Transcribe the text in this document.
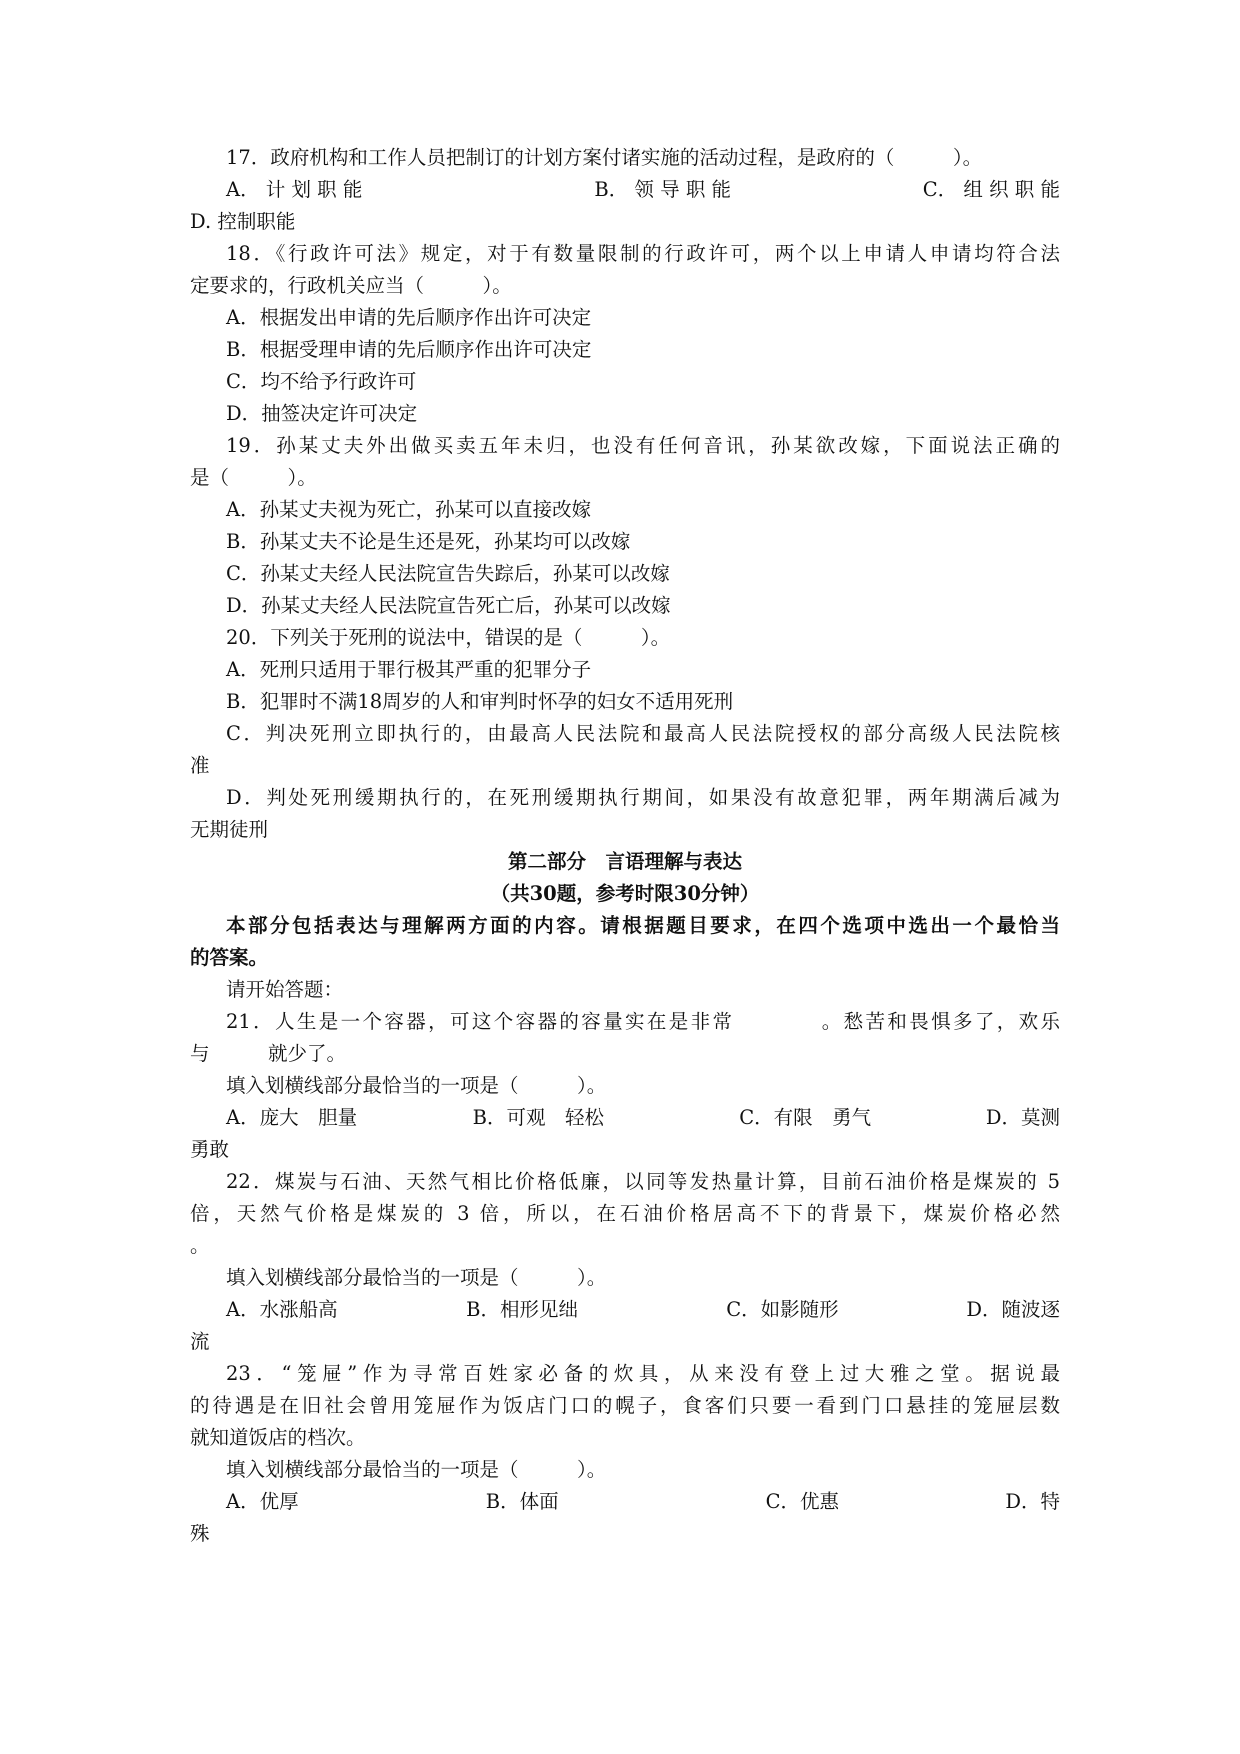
17．政府机构和工作人员把制订的计划方案付诸实施的活动过程，是政府的（　　　）。
A． 计 划 职 能	B． 领 导 职 能	C． 组 织 职 能
D. 控制职能
18．《行政许可法》规定，对于有数量限制的行政许可，两个以上申请人申请均符合法
定要求的，行政机关应当（　　　）。
A．根据发出申请的先后顺序作出许可决定
B．根据受理申请的先后顺序作出许可决定
C．均不给予行政许可
D．抽签决定许可决定
19．孙某丈夫外出做买卖五年未归，也没有任何音讯，孙某欲改嫁，下面说法正确的
是（　　　）。
A．孙某丈夫视为死亡，孙某可以直接改嫁
B．孙某丈夫不论是生还是死，孙某均可以改嫁
C．孙某丈夫经人民法院宣告失踪后，孙某可以改嫁
D．孙某丈夫经人民法院宣告死亡后，孙某可以改嫁
20．下列关于死刑的说法中，错误的是（　　　）。
A．死刑只适用于罪行极其严重的犯罪分子
B．犯罪时不满18周岁的人和审判时怀孕的妇女不适用死刑
C．判决死刑立即执行的，由最高人民法院和最高人民法院授权的部分高级人民法院核
准
D．判处死刑缓期执行的，在死刑缓期执行期间，如果没有故意犯罪，两年期满后减为
无期徒刑
第二部分　言语理解与表达
（共30题，参考时限30分钟）
本部分包括表达与理解两方面的内容。请根据题目要求，在四个选项中选出一个最恰当
的答案。
请开始答题：
21．人生是一个容器，可这个容器的容量实在是非常　　　　。愁苦和畏惧多了，欢乐
与　　　就少了。
填入划横线部分最恰当的一项是（　　　）。
A．庞大　胆量	B．可观　轻松	C．有限　勇气	D．莫测
勇敢
22．煤炭与石油、天然气相比价格低廉，以同等发热量计算，目前石油价格是煤炭的 5
倍，天然气价格是煤炭的 3 倍，所以，在石油价格居高不下的背景下，煤炭价格必然
。
填入划横线部分最恰当的一项是（　　　）。
A．水涨船高	B．相形见绌	C．如影随形	D．随波逐
流
23．“笼屉”作为寻常百姓家必备的炊具，从来没有登上过大雅之堂。据说最
的待遇是在旧社会曾用笼屉作为饭店门口的幌子，食客们只要一看到门口悬挂的笼屉层数
就知道饭店的档次。
填入划横线部分最恰当的一项是（　　　）。
A．优厚	B．体面	C．优惠	D．特
殊
